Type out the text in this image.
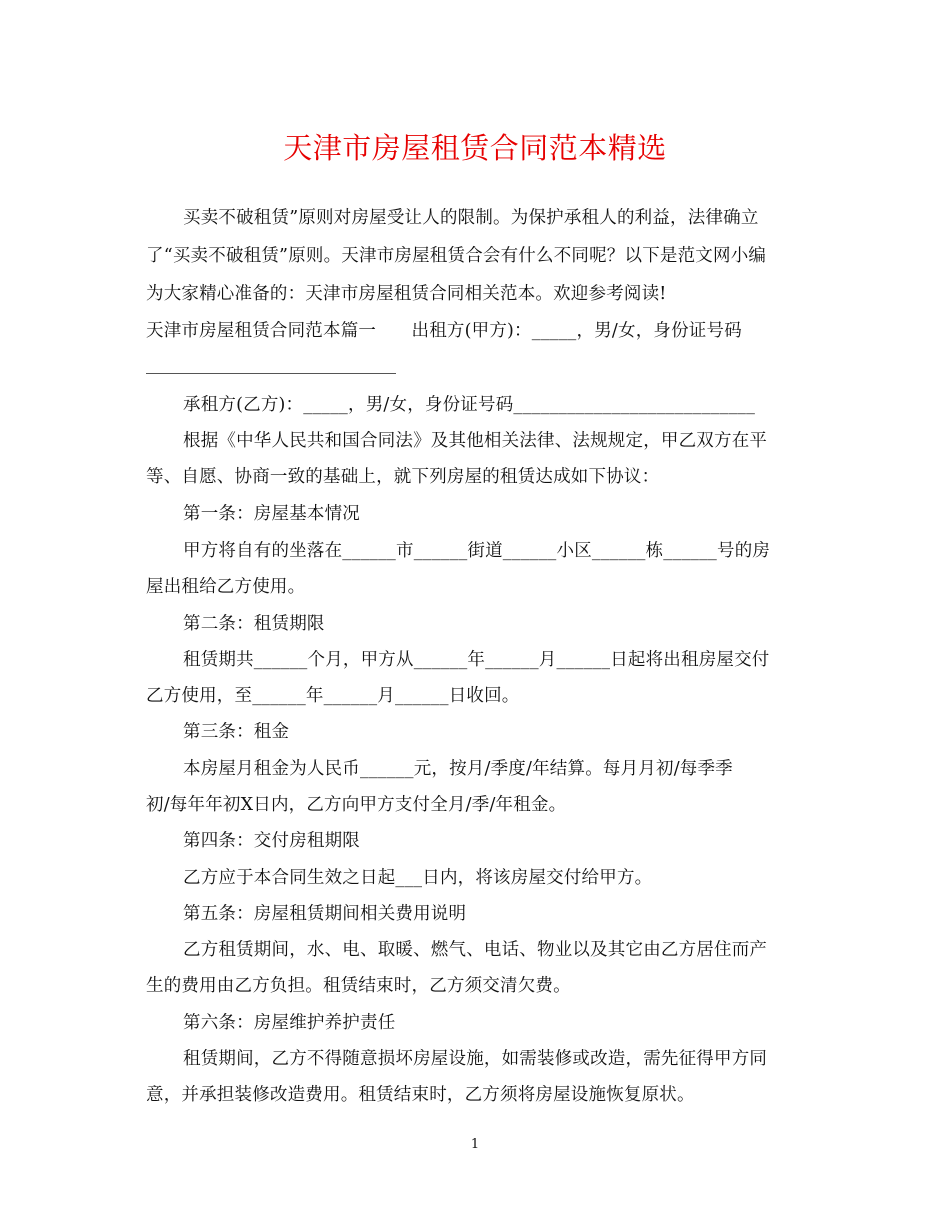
天津市房屋租赁合同范本精选
买卖不破租赁”原则对房屋受让人的限制。为保护承租人的利益，法律确立
了“买卖不破租赁”原则。天津市房屋租赁合会有什么不同呢？以下是范文网小编
为大家精心准备的：天津市房屋租赁合同相关范本。欢迎参考阅读!
天津市房屋租赁合同范本篇一　　出租方(甲方)：_____，男/女，身份证号码
承租方(乙方)：_____，男/女，身份证号码___________________________
根据《中华人民共和国合同法》及其他相关法律、法规规定，甲乙双方在平
等、自愿、协商一致的基础上，就下列房屋的租赁达成如下协议：
第一条：房屋基本情况
甲方将自有的坐落在______市______街道______小区______栋______号的房
屋出租给乙方使用。
第二条：租赁期限
租赁期共______个月，甲方从______年______月______日起将出租房屋交付
乙方使用，至______年______月______日收回。
第三条：租金
本房屋月租金为人民币______元，按月/季度/年结算。每月月初/每季季
初/每年年初X日内，乙方向甲方支付全月/季/年租金。
第四条：交付房租期限
乙方应于本合同生效之日起___日内，将该房屋交付给甲方。
第五条：房屋租赁期间相关费用说明
乙方租赁期间，水、电、取暖、燃气、电话、物业以及其它由乙方居住而产
生的费用由乙方负担。租赁结束时，乙方须交清欠费。
第六条：房屋维护养护责任
租赁期间，乙方不得随意损坏房屋设施，如需装修或改造，需先征得甲方同
意，并承担装修改造费用。租赁结束时，乙方须将房屋设施恢复原状。
1
